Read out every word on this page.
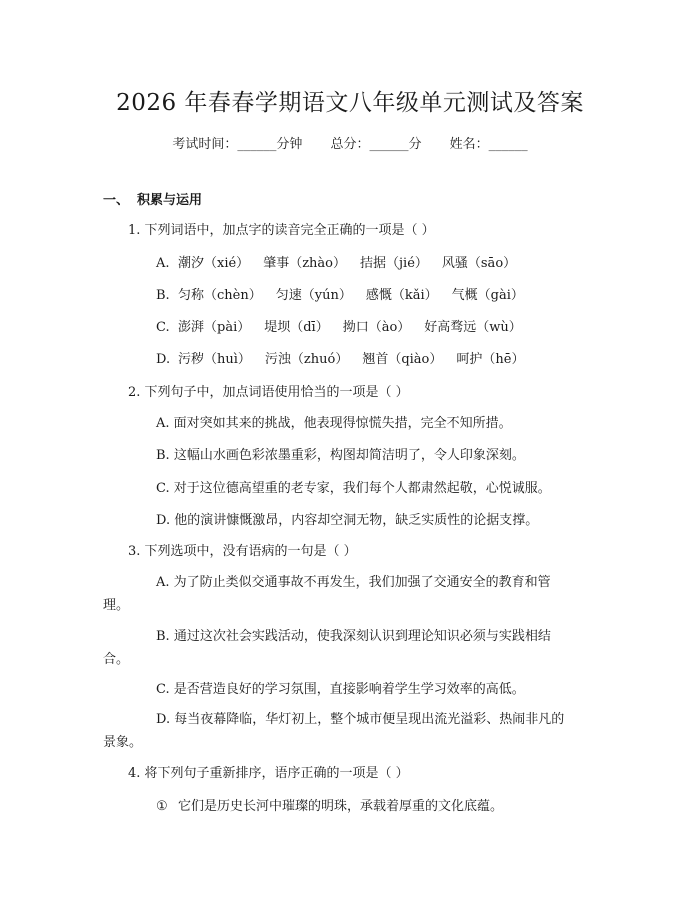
2026 年春春学期语文八年级单元测试及答案
考试时间：______分钟 总分：______分 姓名：______
一、 积累与运用
1. 下列词语中，加点字的读音完全正确的一项是（ ）
A. 潮汐（xié） 肇事（zhào） 拮据（jié） 风骚（sāo）
B. 匀称（chèn） 匀速（yún） 感慨（kǎi） 气概（gài）
C. 澎湃（pài） 堤坝（dī） 拗口（ào） 好高骛远（wù）
D. 污秽（huì） 污浊（zhuó） 翘首（qiào） 呵护（hē）
2. 下列句子中，加点词语使用恰当的一项是（ ）
A. 面对突如其来的挑战，他表现得惊慌失措，完全不知所措。
B. 这幅山水画色彩浓墨重彩，构图却简洁明了，令人印象深刻。
C. 对于这位德高望重的老专家，我们每个人都肃然起敬，心悦诚服。
D. 他的演讲慷慨激昂，内容却空洞无物，缺乏实质性的论据支撑。
3. 下列选项中，没有语病的一句是（ ）
A. 为了防止类似交通事故不再发生，我们加强了交通安全的教育和管
理。
B. 通过这次社会实践活动，使我深刻认识到理论知识必须与实践相结
合。
C. 是否营造良好的学习氛围，直接影响着学生学习效率的高低。
D. 每当夜幕降临，华灯初上，整个城市便呈现出流光溢彩、热闹非凡的
景象。
4. 将下列句子重新排序，语序正确的一项是（ ）
① 它们是历史长河中璀璨的明珠，承载着厚重的文化底蕴。
